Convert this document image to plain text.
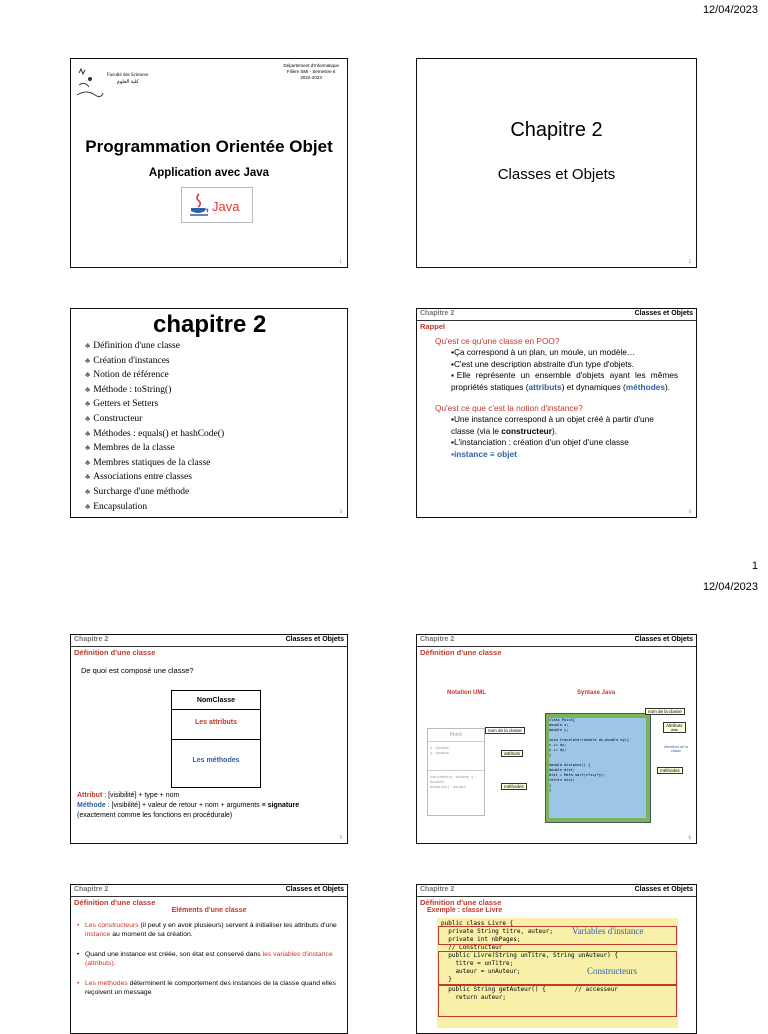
12/04/2023
Faculté des Sciences
كلية العلوم
Département d'Informatique
Filière SMI - Semestre 6
2022-2023
Programmation Orientée Objet
Application avec Java
Java
1
Chapitre 2
Classes et Objets
2
chapitre 2
♣ Définition d'une classe
♣ Création d'instances
♣ Notion de référence
♣ Méthode : toString()
♣ Getters et Setters
♣ Constructeur
♣ Méthodes : equals() et hashCode()
♣ Membres de la classe
♣ Membres statiques de la classe
♣ Associations entre classes
♣ Surcharge d'une méthode
♣ Encapsulation	3
Chapitre 2	Classes et Objets
Rappel
Qu'est ce qu'une classe en POO?
▪Ça correspond à un plan, un moule, un modèle…
▪C'est une description abstraite d'un type d'objets.
▪Elle représente un ensemble d'objets ayant les mêmes propriétés statiques (attributs) et dynamiques (méthodes).
Qu'est ce que c'est la notion d'instance?
▪Une instance correspond à un objet créé à partir d'une classe (via le constructeur).
▪L'instanciation : création d'un objet d'une classe
▪instance ≡ objet
4
1
12/04/2023
Chapitre 2	Classes et Objets
Définition d'une classe
De quoi est composé une classe?
NomClasse
Les attributs
Les méthodes
Attribut : [visibilité] + type + nom
Méthode : [visibilité] + valeur de retour + nom + arguments ≡ signature
(exactement comme les fonctions en procédurale)
5
Chapitre 2	Classes et Objets
Définition d'une classe
Notation UML	Syntaxe Java
Point
x : double
y : double
translater(x : double, y : double)
distance() : double
nom de la classe
attributs
méthodes
class Point{
double x;
double y;

void translater(double dx,double dy){
x += dx;
y += dy;
}

double distance() {
double dist;
dist = Math.sqrt(x*x+y*y);
return dist;
}
}
nom de la classe
Attributs
data
Membres de la classe
méthodes
6
Chapitre 2	Classes et Objets
Définition d'une classe
Eléments d'une classe
• Les constructeurs (il peut y en avoir plusieurs) servent à initialiser les attributs d'une instance au moment de sa création.
• Quand une instance est créée, son état est conservé dans les variables d'instance (attributs).
• Les méthodes déterminent le comportement des instances de la classe quand elles reçoivent un message
Chapitre 2	Classes et Objets
Définition d'une classe
Exemple : classe Livre
public class Livre {
private String titre, auteur;
private int nbPages;
// Constructeur
public Livre(String unTitre, String unAuteur) {
titre = unTitre;
auteur = unAuteur;
}
public String getAuteur() {        // accesseur
return auteur;
Variables d'instance
Constructeurs
